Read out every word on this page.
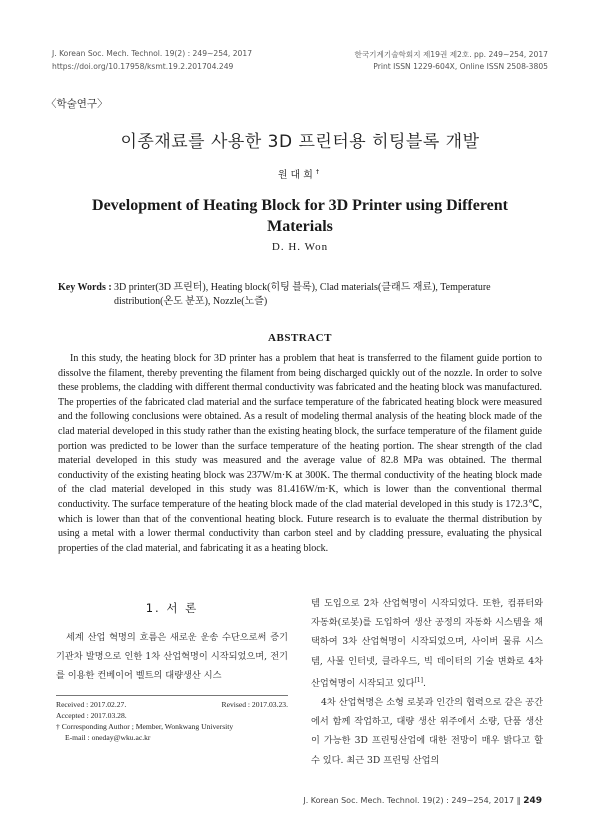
J. Korean Soc. Mech. Technol. 19(2) : 249~254, 2017
https://doi.org/10.17958/ksmt.19.2.201704.249
한국기계기술학회지 제19권 제2호. pp. 249~254, 2017
Print ISSN 1229-604X, Online ISSN 2508-3805
〈학술연구〉
이종재료를 사용한 3D 프린터용 히팅블록 개발
원대희†
Development of Heating Block for 3D Printer using Different Materials
D. H. Won
Key Words : 3D printer(3D 프린터), Heating block(히팅 블록), Clad materials(클래드 재료), Temperature distribution(온도 분포), Nozzle(노즐)
ABSTRACT

In this study, the heating block for 3D printer has a problem that heat is transferred to the filament guide portion to dissolve the filament, thereby preventing the filament from being discharged quickly out of the nozzle. In order to solve these problems, the cladding with different thermal conductivity was fabricated and the heating block was manufactured. The properties of the fabricated clad material and the surface temperature of the fabricated heating block were measured and the following conclusions were obtained. As a result of modeling thermal analysis of the heating block made of the clad material developed in this study rather than the existing heating block, the surface temperature of the filament guide portion was predicted to be lower than the surface temperature of the heating portion. The shear strength of the clad material developed in this study was measured and the average value of 82.8 MPa was obtained. The thermal conductivity of the existing heating block was 237W/m·K at 300K. The thermal conductivity of the heating block made of the clad material developed in this study was 81.416W/m·K, which is lower than the conventional thermal conductivity. The surface temperature of the heating block made of the clad material developed in this study is 172.3℃, which is lower than that of the conventional heating block. Future research is to evaluate the thermal distribution by using a metal with a lower thermal conductivity than carbon steel and by cladding pressure, evaluating the physical properties of the clad material, and fabricating it as a heating block.

1. 서 론

세계 산업 혁명의 흐름은 새로운 운송 수단으로써 증기기관차 발명으로 인한 1차 산업혁명이 시작되었으며, 전기를 이용한 컨베이어 벨트의 대량생산 시스

Received : 2017.02.27.	Revised : 2017.03.23.
Accepted : 2017.03.28.
† Corresponding Author ; Member, Wonkwang University
E-mail : oneday@wku.ac.kr

템 도입으로 2차 산업혁명이 시작되었다. 또한, 컴퓨터와 자동화(로봇)를 도입하여 생산 공정의 자동화 시스템을 채택하여 3차 산업혁명이 시작되었으며, 사이버 물류 시스템, 사물 인터넷, 클라우드, 빅 데이터의 기술 변화로 4차 산업혁명이 시작되고 있다[1].

4차 산업혁명은 소형 로봇과 인간의 협력으로 같은 공간에서 함께 작업하고, 대량 생산 위주에서 소량, 단품 생산이 가능한 3D 프린팅산업에 대한 전망이 매우 밝다고 할 수 있다. 최근 3D 프린팅 산업의

J. Korean Soc. Mech. Technol. 19(2) : 249~254, 2017 ‖ 249
